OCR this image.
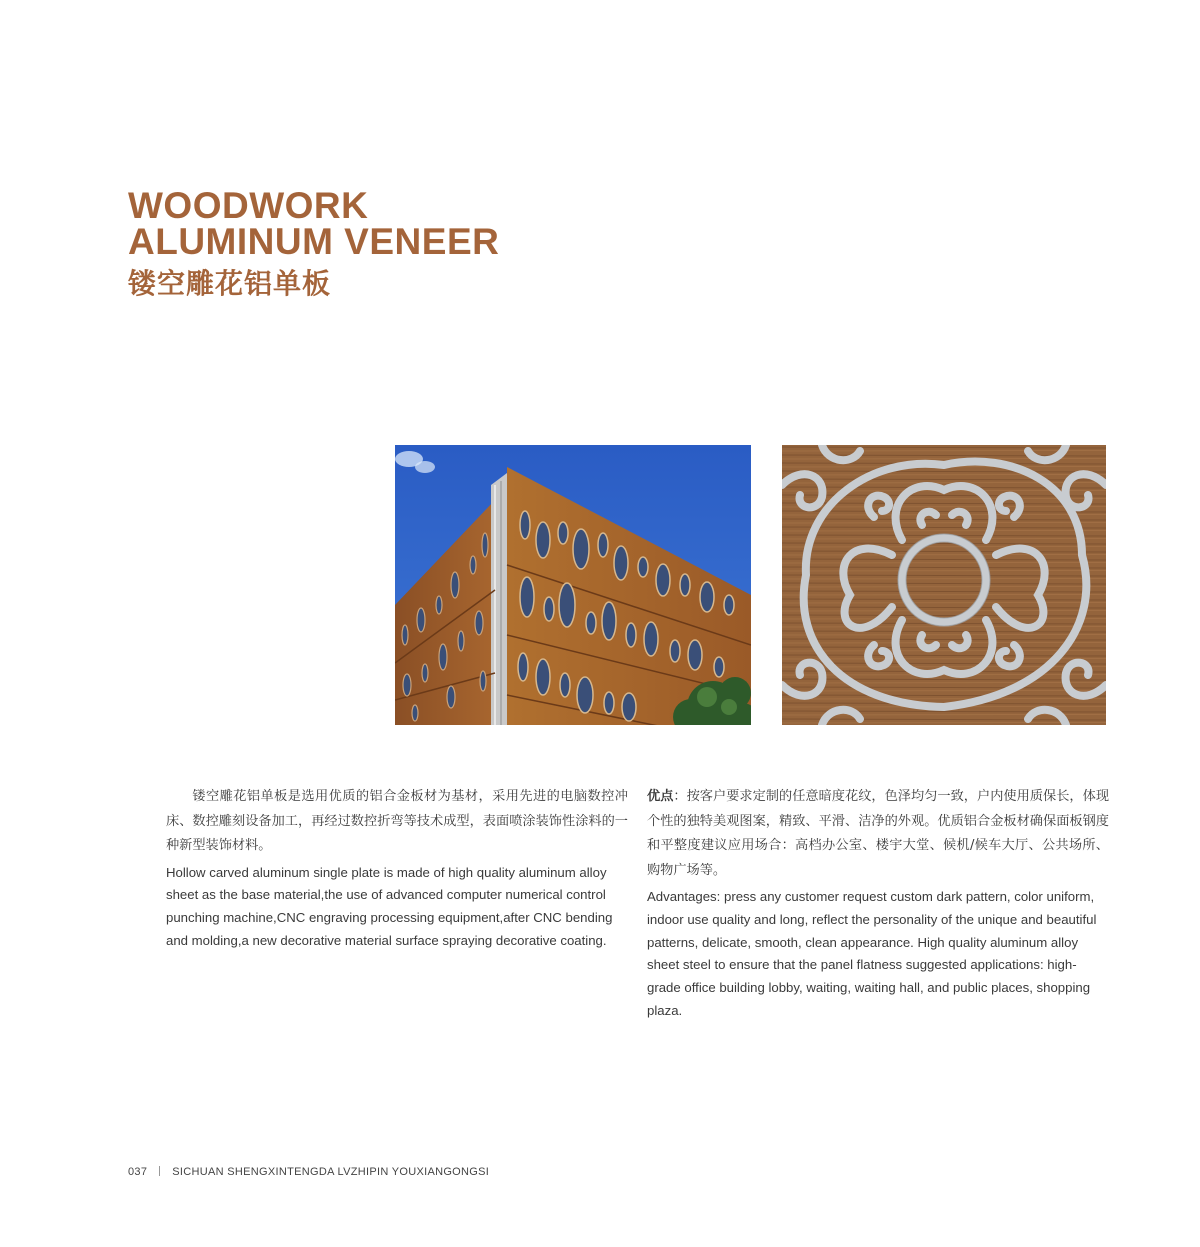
WOODWORK
ALUMINUM VENEER
镂空雕花铝单板

镂空雕花铝单板是选用优质的铝合金板材为基材，采用先进的电脑数控冲床、数控雕刻设备加工，再经过数控折弯等技术成型，表面喷涂装饰性涂料的一种新型装饰材料。

Hollow carved aluminum single plate is made of high quality aluminum alloy sheet as the base material,the use of advanced computer numerical control punching machine,CNC engraving processing equipment,after CNC bending and molding,a new decorative material surface spraying decorative coating.

优点：按客户要求定制的任意暗度花纹，色泽均匀一致，户内使用质保长，体现个性的独特美观图案，精致、平滑、洁净的外观。优质铝合金板材确保面板钢度和平整度建议应用场合：高档办公室、楼宇大堂、候机/候车大厅、公共场所、购物广场等。

Advantages: press any customer request custom dark pattern, color uniform, indoor use quality and long, reflect the personality of the unique and beautiful patterns, delicate, smooth, clean appearance. High quality aluminum alloy sheet steel to ensure that the panel flatness suggested applications: high-grade office building lobby, waiting, waiting hall, and public places, shopping plaza.

037 SICHUAN SHENGXINTENGDA LVZHIPIN YOUXIANGONGSI
